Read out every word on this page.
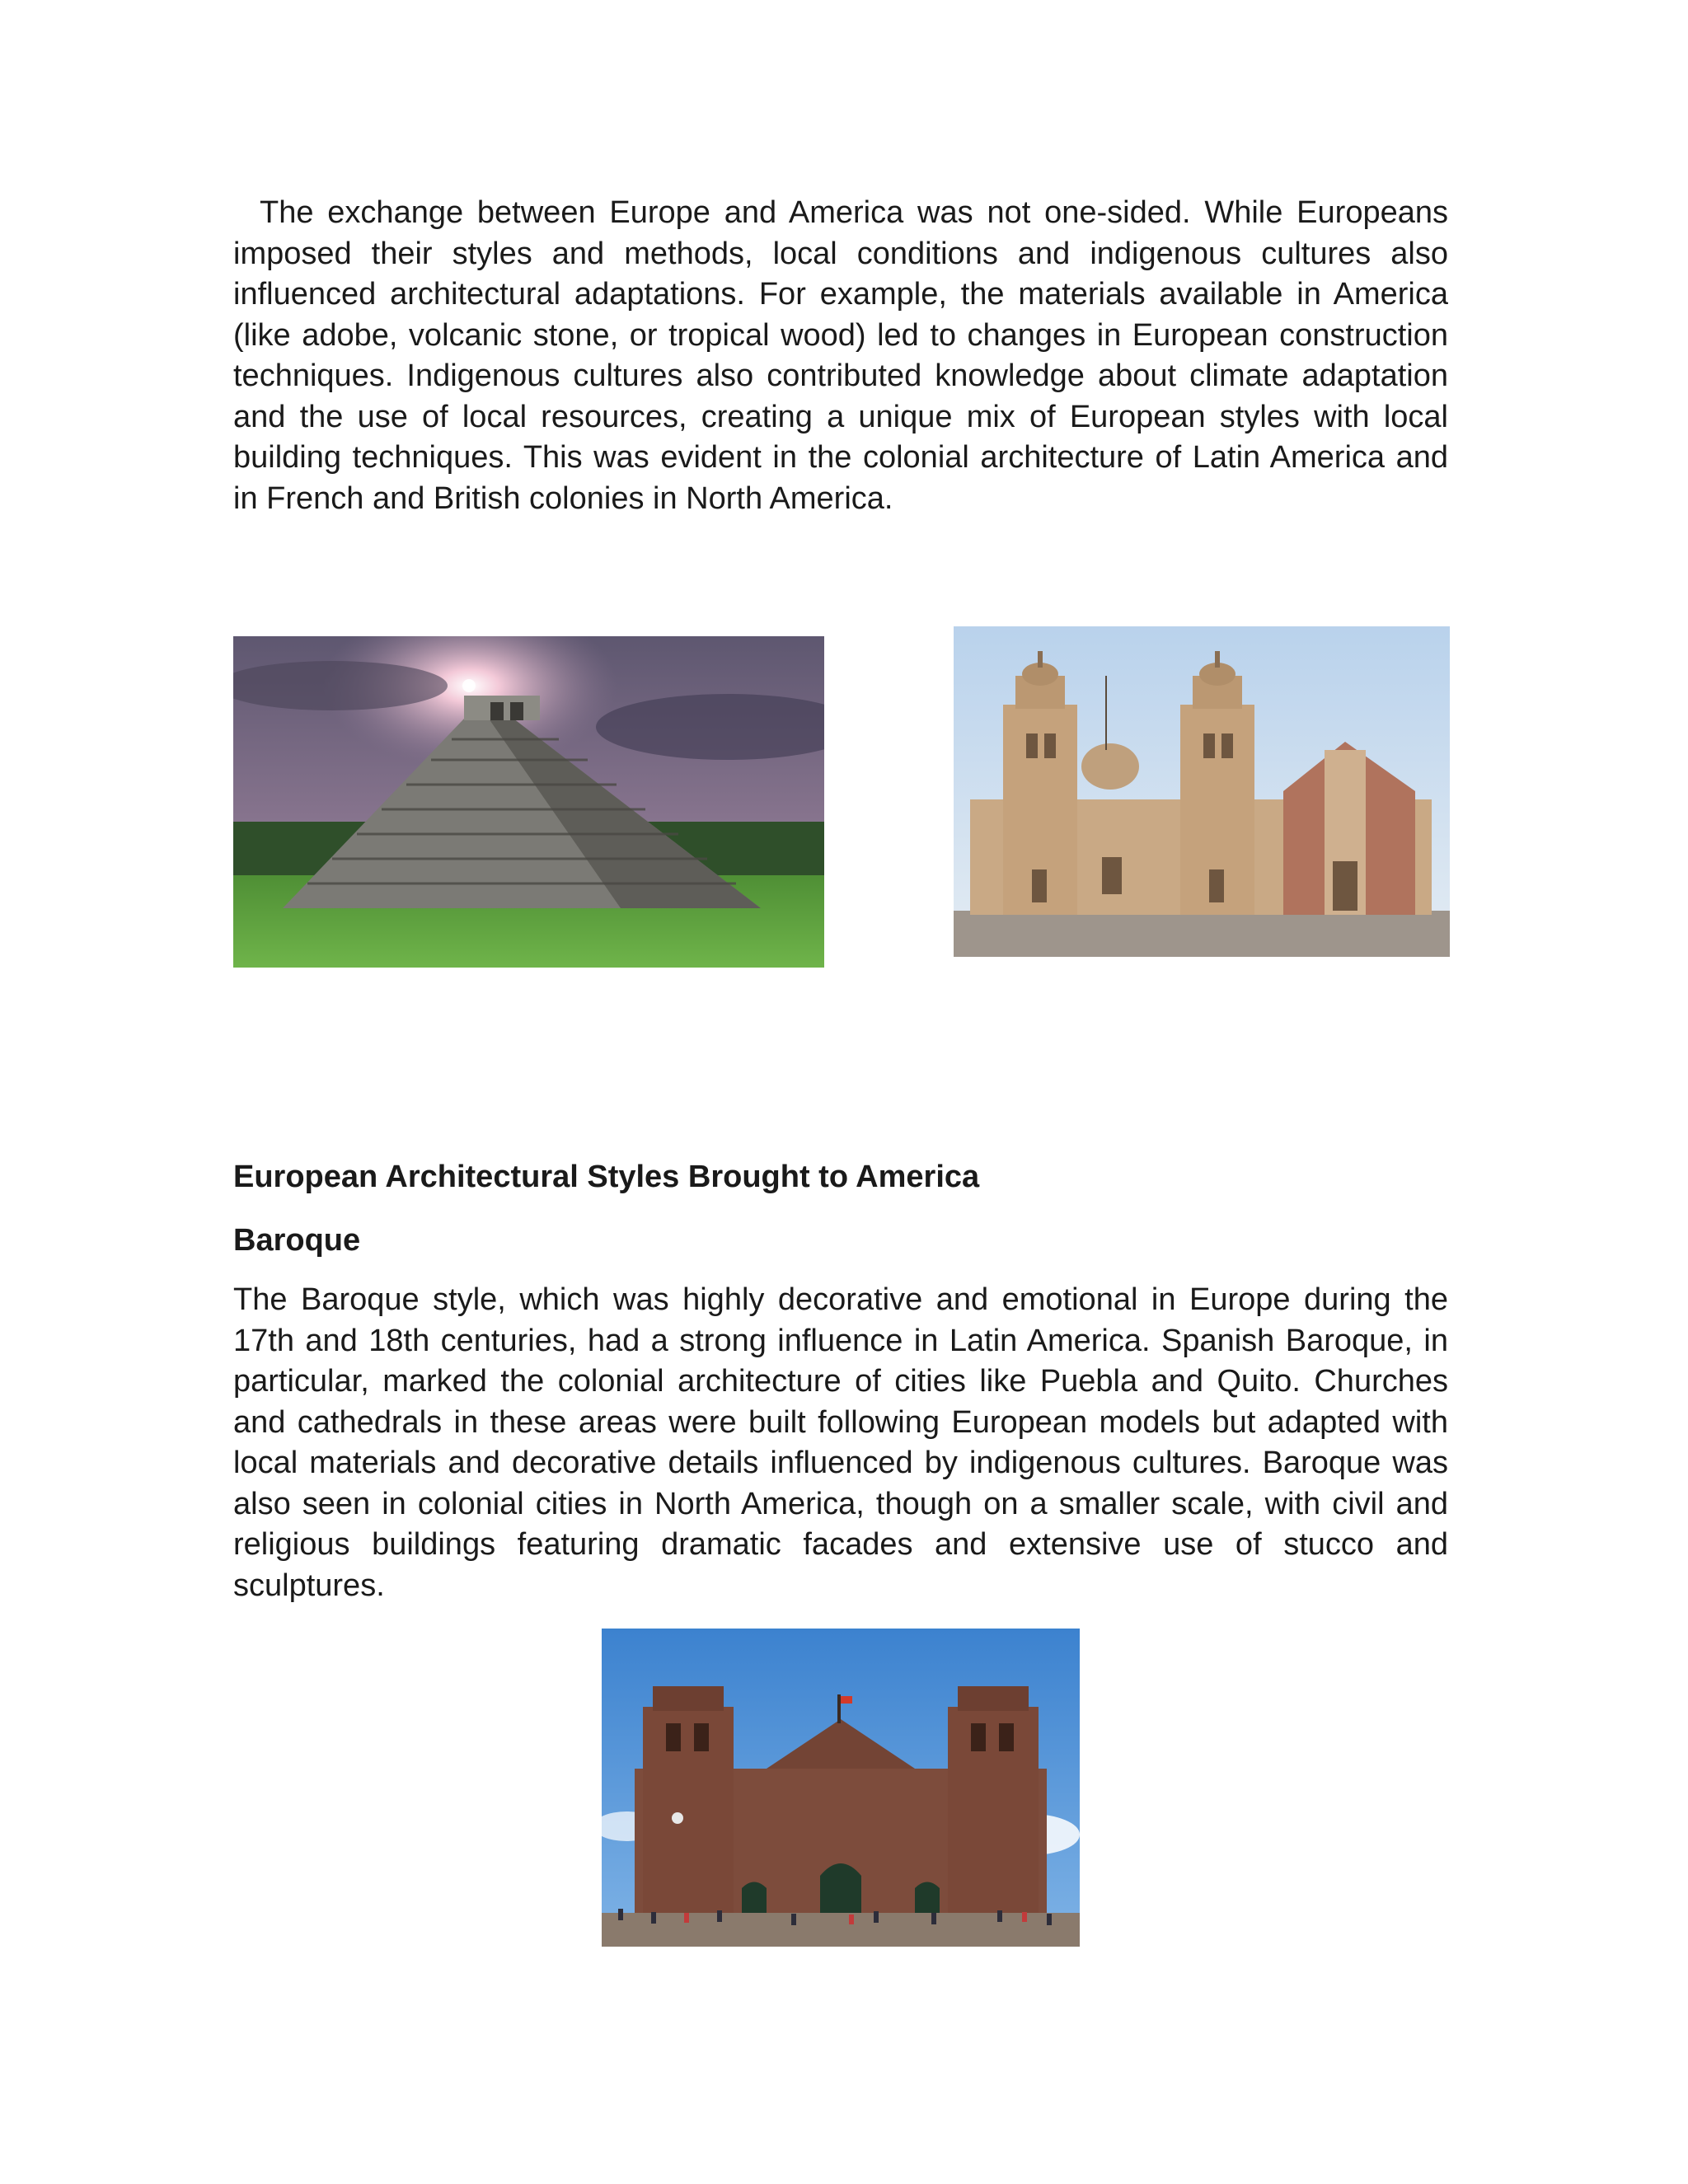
The exchange between Europe and America was not one-sided. While Europeans imposed their styles and methods, local conditions and indigenous cultures also influenced architectural adaptations. For example, the materials available in America (like adobe, volcanic stone, or tropical wood) led to changes in European construction techniques. Indigenous cultures also contributed knowledge about climate adaptation and the use of local resources, creating a unique mix of European styles with local building techniques. This was evident in the colonial architecture of Latin America and in French and British colonies in North America.

European Architectural Styles Brought to America
Baroque

The Baroque style, which was highly decorative and emotional in Europe during the 17th and 18th centuries, had a strong influence in Latin America. Spanish Baroque, in particular, marked the colonial architecture of cities like Puebla and Quito. Churches and cathedrals in these areas were built following European models but adapted with local materials and decorative details influenced by indigenous cultures. Baroque was also seen in colonial cities in North America, though on a smaller scale, with civil and religious buildings featuring dramatic facades and extensive use of stucco and sculptures.
